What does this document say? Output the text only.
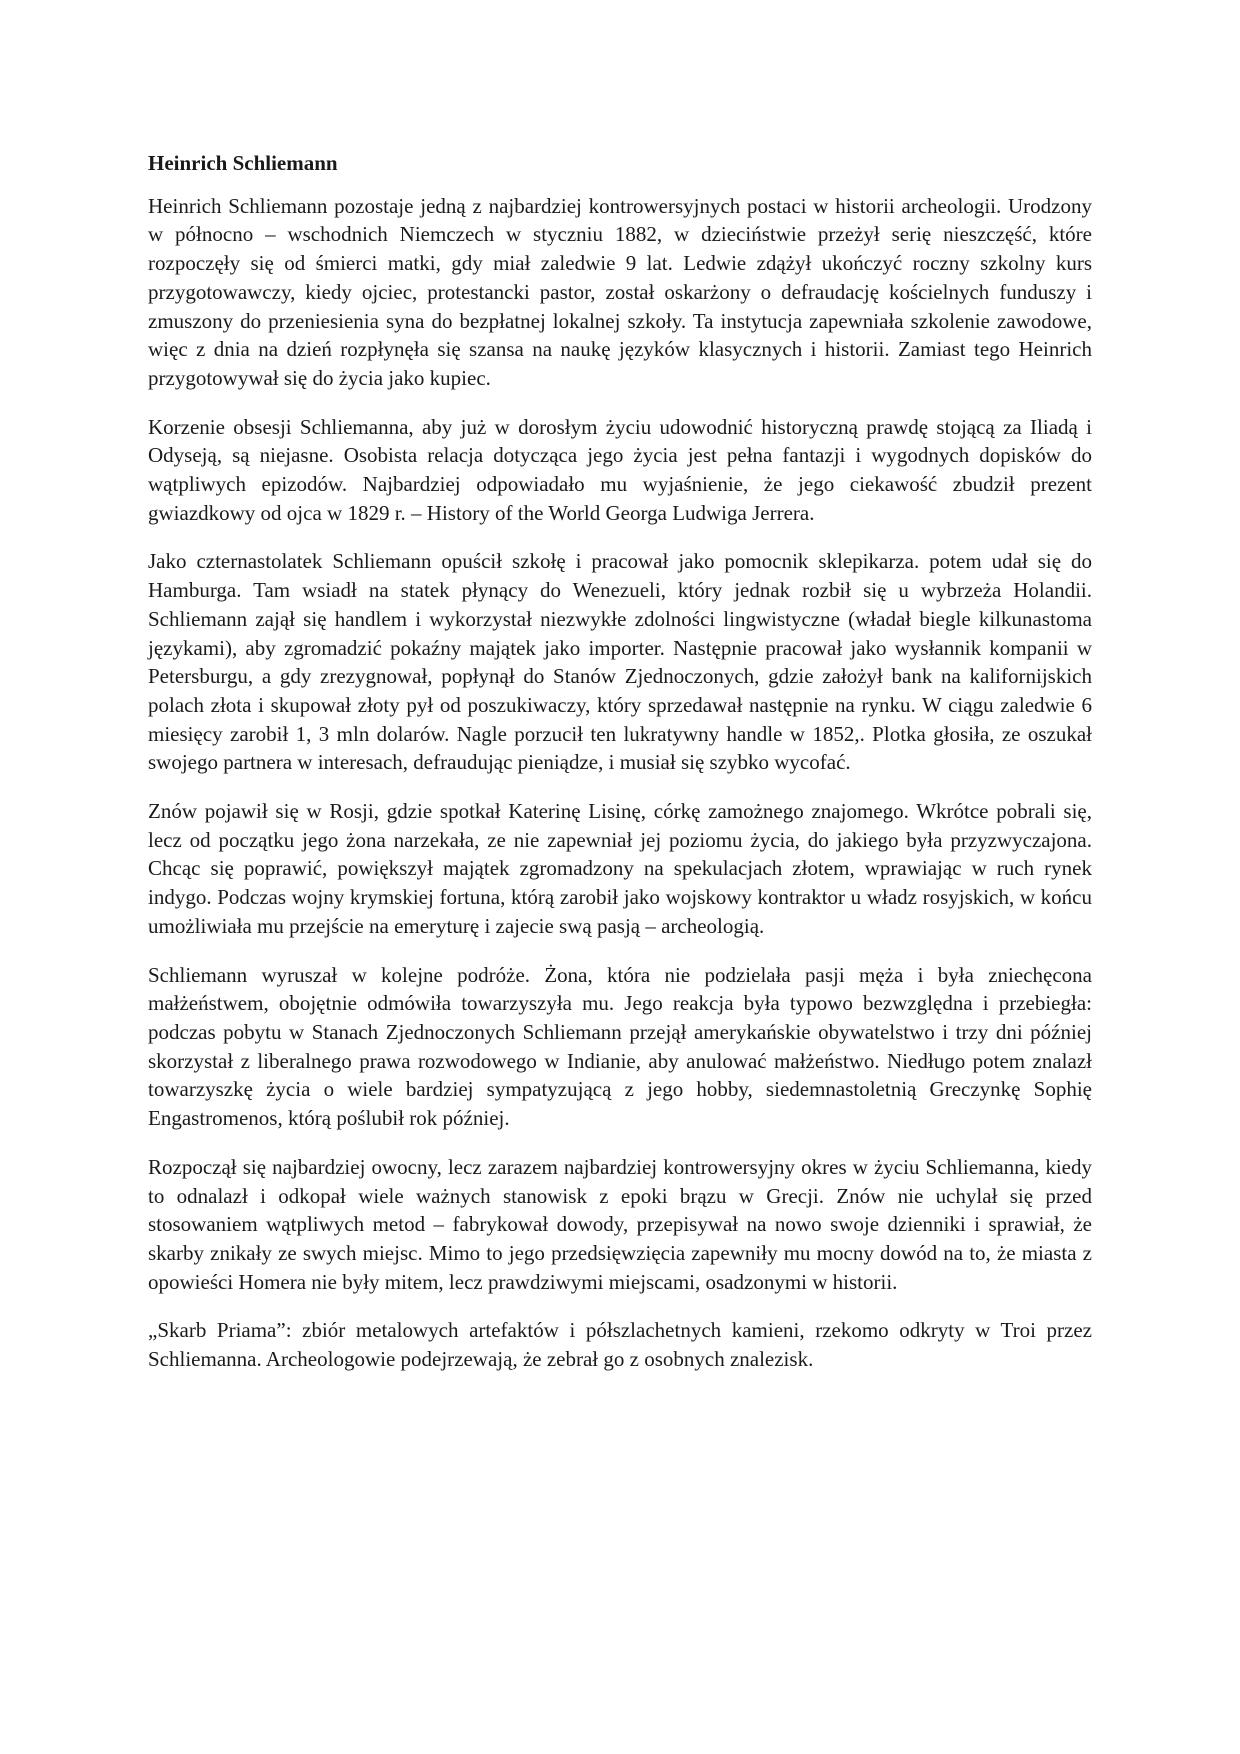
Heinrich Schliemann

Heinrich Schliemann pozostaje jedną z najbardziej kontrowersyjnych postaci w historii archeologii. Urodzony w północno – wschodnich Niemczech w styczniu 1882, w dzieciństwie przeżył serię nieszczęść, które rozpoczęły się od śmierci matki, gdy miał zaledwie 9 lat. Ledwie zdążył ukończyć roczny szkolny kurs przygotowawczy, kiedy ojciec, protestancki pastor, został oskarżony o defraudację kościelnych funduszy i zmuszony do przeniesienia syna do bezpłatnej lokalnej szkoły. Ta instytucja zapewniała szkolenie zawodowe, więc z dnia na dzień rozpłynęła się szansa na naukę języków klasycznych i historii. Zamiast tego Heinrich przygotowywał się do życia jako kupiec.

Korzenie obsesji Schliemanna, aby już w dorosłym życiu udowodnić historyczną prawdę stojącą za Iliadą i Odyseją, są niejasne. Osobista relacja dotycząca jego życia jest pełna fantazji i wygodnych dopisków do wątpliwych epizodów. Najbardziej odpowiadało mu wyjaśnienie, że jego ciekawość zbudził prezent gwiazdkowy od ojca w 1829 r. – History of the World Georga Ludwiga Jerrera.

Jako czternastolatek Schliemann opuścił szkołę i pracował jako pomocnik sklepikarza. potem udał się do Hamburga. Tam wsiadł na statek płynący do Wenezueli, który jednak rozbił się u wybrzeża Holandii. Schliemann zajął się handlem i wykorzystał niezwykłe zdolności lingwistyczne (władał biegle kilkunastoma językami), aby zgromadzić pokaźny majątek jako importer. Następnie pracował jako wysłannik kompanii w Petersburgu, a gdy zrezygnował, popłynął do Stanów Zjednoczonych, gdzie założył bank na kalifornijskich polach złota i skupował złoty pył od poszukiwaczy, który sprzedawał następnie na rynku. W ciągu zaledwie 6 miesięcy zarobił 1, 3 mln dolarów. Nagle porzucił ten lukratywny handle w 1852,. Plotka głosiła, ze oszukał swojego partnera w interesach, defraudując pieniądze, i musiał się szybko wycofać.

Znów pojawił się w Rosji, gdzie spotkał Katerinę Lisinę, córkę zamożnego znajomego. Wkrótce pobrali się, lecz od początku jego żona narzekała, ze nie zapewniał jej poziomu życia, do jakiego była przyzwyczajona. Chcąc się poprawić, powiększył majątek zgromadzony na spekulacjach złotem, wprawiając w ruch rynek indygo. Podczas wojny krymskiej fortuna, którą zarobił jako wojskowy kontraktor u władz rosyjskich, w końcu umożliwiała mu przejście na emeryturę i zajecie swą pasją – archeologią.

Schliemann wyruszał w kolejne podróże. Żona, która nie podzielała pasji męża i była zniechęcona małżeństwem, obojętnie odmówiła towarzyszyła mu. Jego reakcja była typowo bezwzględna i przebiegła: podczas pobytu w Stanach Zjednoczonych Schliemann przejął amerykańskie obywatelstwo i trzy dni później skorzystał z liberalnego prawa rozwodowego w Indianie, aby anulować małżeństwo. Niedługo potem znalazł towarzyszkę życia o wiele bardziej sympatyzującą z jego hobby, siedemnastoletnią Greczynkę Sophię Engastromenos, którą poślubił rok później.

Rozpoczął się najbardziej owocny, lecz zarazem najbardziej kontrowersyjny okres w życiu Schliemanna, kiedy to odnalazł i odkopał wiele ważnych stanowisk z epoki brązu w Grecji. Znów nie uchylał się przed stosowaniem wątpliwych metod – fabrykował dowody, przepisywał na nowo swoje dzienniki i sprawiał, że skarby znikały ze swych miejsc. Mimo to jego przedsięwzięcia zapewniły mu mocny dowód na to, że miasta z opowieści Homera nie były mitem, lecz prawdziwymi miejscami, osadzonymi w historii.

„Skarb Priama”: zbiór metalowych artefaktów i półszlachetnych kamieni, rzekomo odkryty w Troi przez Schliemanna. Archeologowie podejrzewają, że zebrał go z osobnych znalezisk.
